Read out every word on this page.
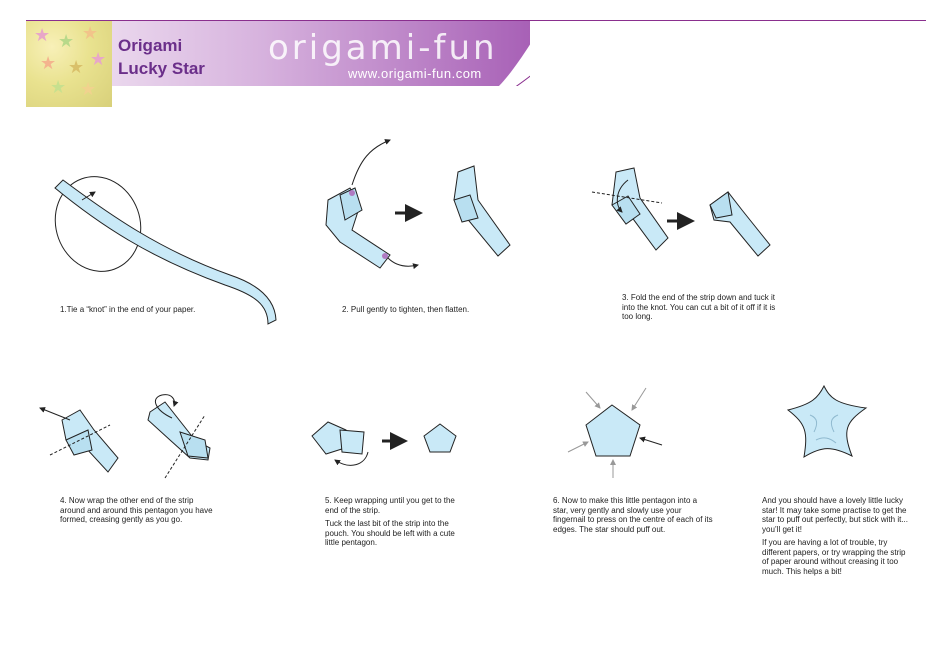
★ ★ ★
★ ★ ★
★ ★
Origami
Lucky Star
origami-fun
www.origami-fun.com

1.Tie a “knot” in the end of your paper.	2. Pull gently to tighten, then flatten.

3. Fold the end of the strip down and tuck it into the knot. You can cut a bit of it off if it is too long.

4. Now wrap the other end of the strip around and around this pentagon you have formed, creasing gently as you go.

5. Keep wrapping until you get to the end of the strip.

Tuck the last bit of the strip into the pouch. You should be left with a cute little pentagon.

6. Now to make this little pentagon into a star, very gently and slowly use your fingernail to press on the centre of each of its edges. The star should puff out.

And you should have a lovely little lucky star! It may take some practise to get the star to puff out perfectly, but stick with it... you’ll get it!

If you are having a lot of trouble, try different papers, or try wrapping the strip of paper around without creasing it too much. This helps a bit!
